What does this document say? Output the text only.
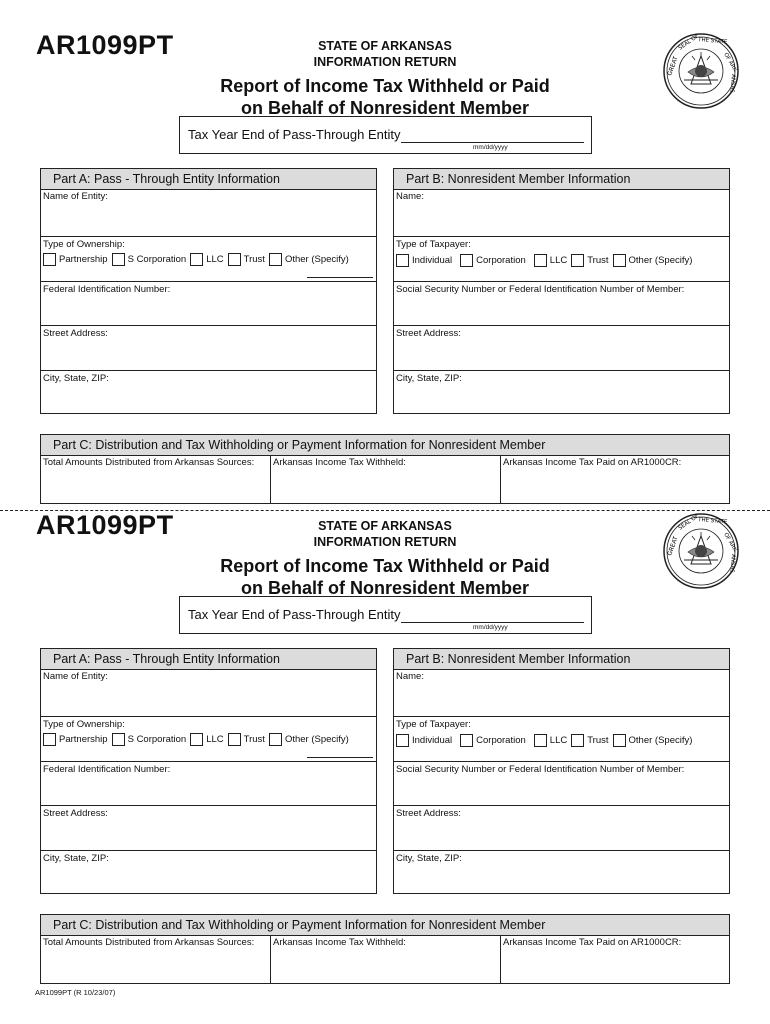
AR1099PT	STATE OF ARKANSAS
INFORMATION RETURN
Report of Income Tax Withheld or Paid
on Behalf of Nonresident Member
GREAT
SEAL OF
THE STATE
OF ARK
ANSAS
Tax Year End of Pass-Through Entity
mm/dd/yyyy
Part A: Pass - Through Entity Information
Name of Entity:
Type of Ownership:
Partnership S Corporation LLC Trust Other (Specify)
Federal Identification Number:
Street Address:
City, State, ZIP:
Part B: Nonresident Member Information
Name:
Type of Taxpayer:
Individual	Corporation	LLC Trust Other (Specify)
Social Security Number or Federal Identification Number of Member:
Street Address:
City, State, ZIP:
Part C: Distribution and Tax Withholding or Payment Information for Nonresident Member
Total Amounts Distributed from Arkansas Sources: Arkansas Income Tax Withheld:	Arkansas Income Tax Paid on AR1000CR:
AR1099PT	STATE OF ARKANSAS
INFORMATION RETURN
Report of Income Tax Withheld or Paid
on Behalf of Nonresident Member
GREAT
SEAL OF
THE STATE
OF ARK
ANSAS
Tax Year End of Pass-Through Entity
mm/dd/yyyy
Part A: Pass - Through Entity Information
Name of Entity:
Type of Ownership:
Partnership S Corporation LLC Trust Other (Specify)
Federal Identification Number:
Street Address:
City, State, ZIP:
Part B: Nonresident Member Information
Name:
Type of Taxpayer:
Individual	Corporation	LLC Trust Other (Specify)
Social Security Number or Federal Identification Number of Member:
Street Address:
City, State, ZIP:
Part C: Distribution and Tax Withholding or Payment Information for Nonresident Member
Total Amounts Distributed from Arkansas Sources: Arkansas Income Tax Withheld:	Arkansas Income Tax Paid on AR1000CR:
AR1099PT (R 10/23/07)
